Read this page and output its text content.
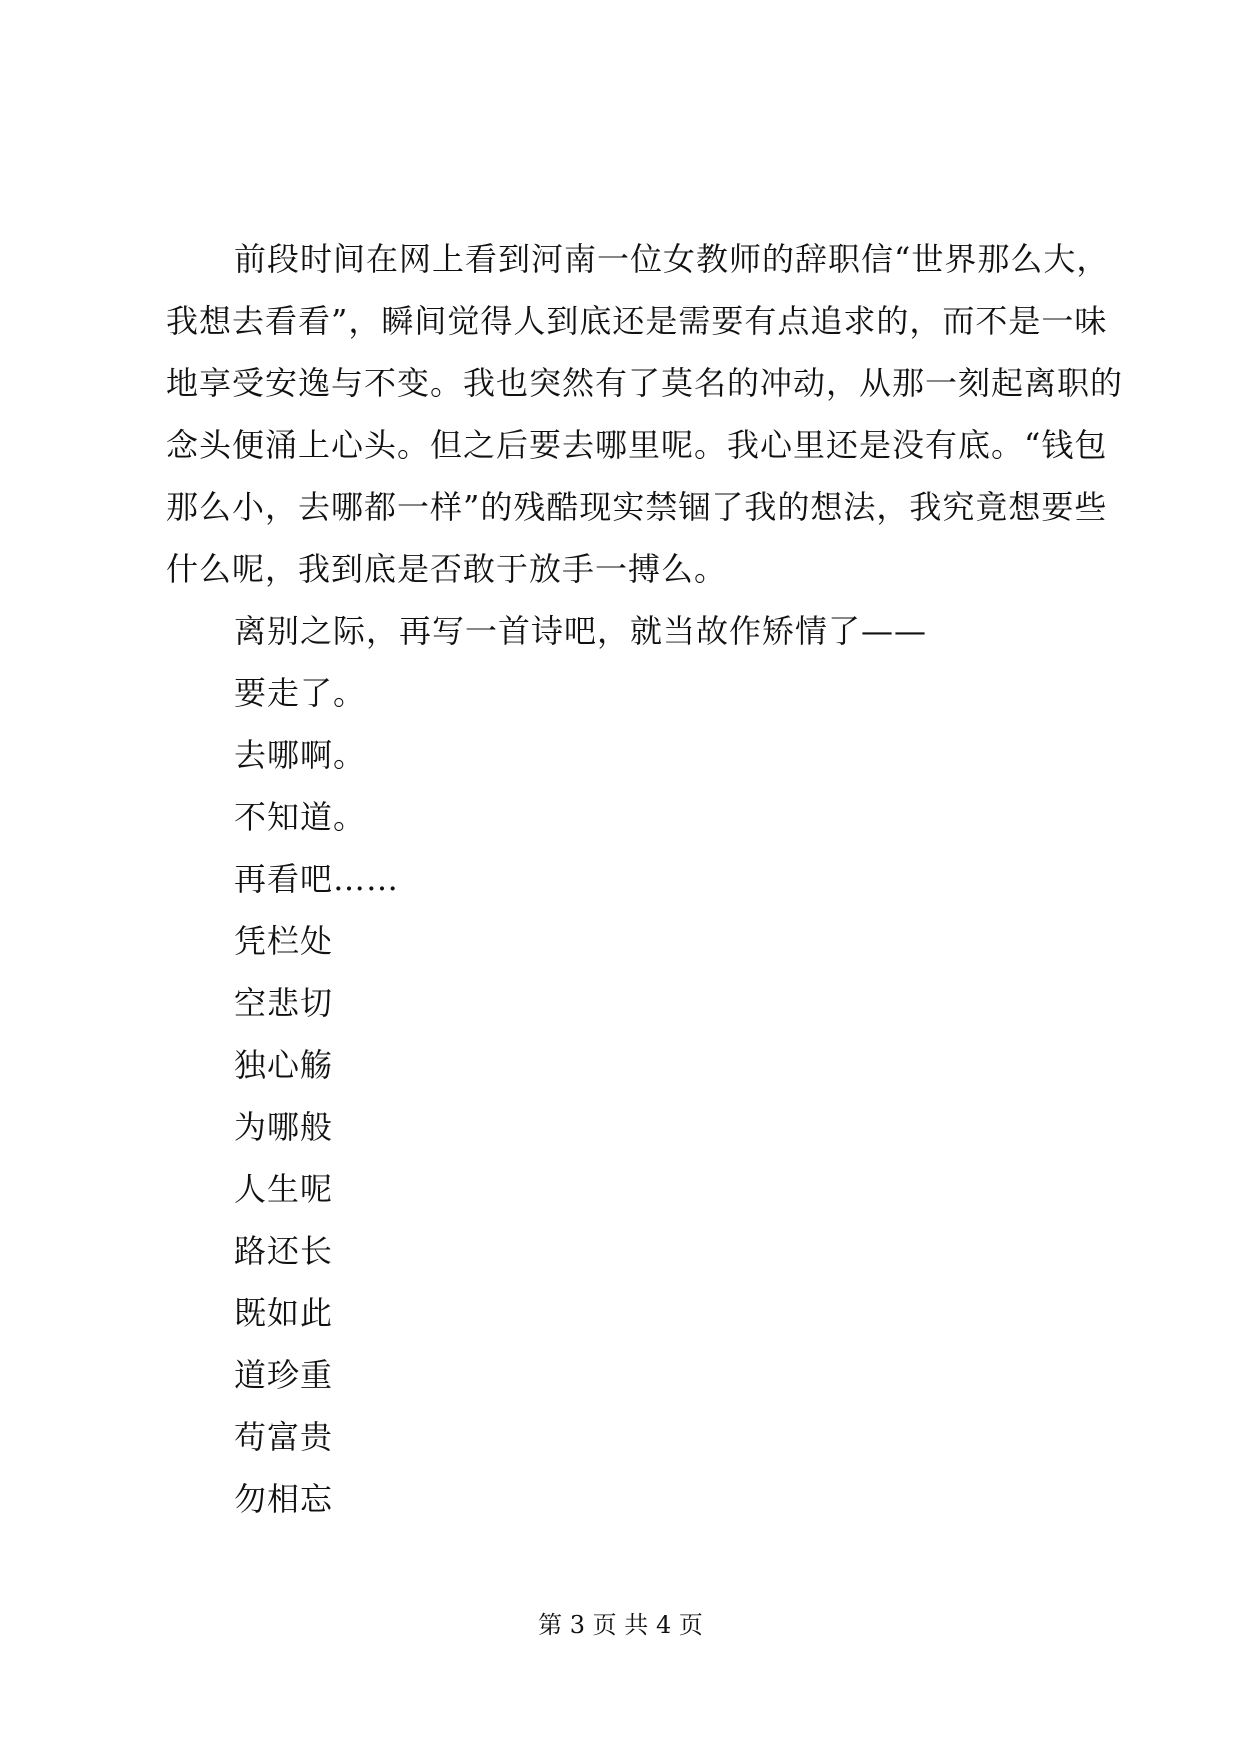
前段时间在网上看到河南一位女教师的辞职信“世界那么大，我想去看看”，瞬间觉得人到底还是需要有点追求的，而不是一味地享受安逸与不变。我也突然有了莫名的冲动，从那一刻起离职的念头便涌上心头。但之后要去哪里呢。我心里还是没有底。“钱包那么小，去哪都一样”的残酷现实禁锢了我的想法，我究竟想要些什么呢，我到底是否敢于放手一搏么。

离别之际，再写一首诗吧，就当故作矫情了——

要走了。
去哪啊。
不知道。
再看吧……
凭栏处
空悲切
独心觞
为哪般
人生呢
路还长
既如此
道珍重
苟富贵
勿相忘
第 3 页 共 4 页
